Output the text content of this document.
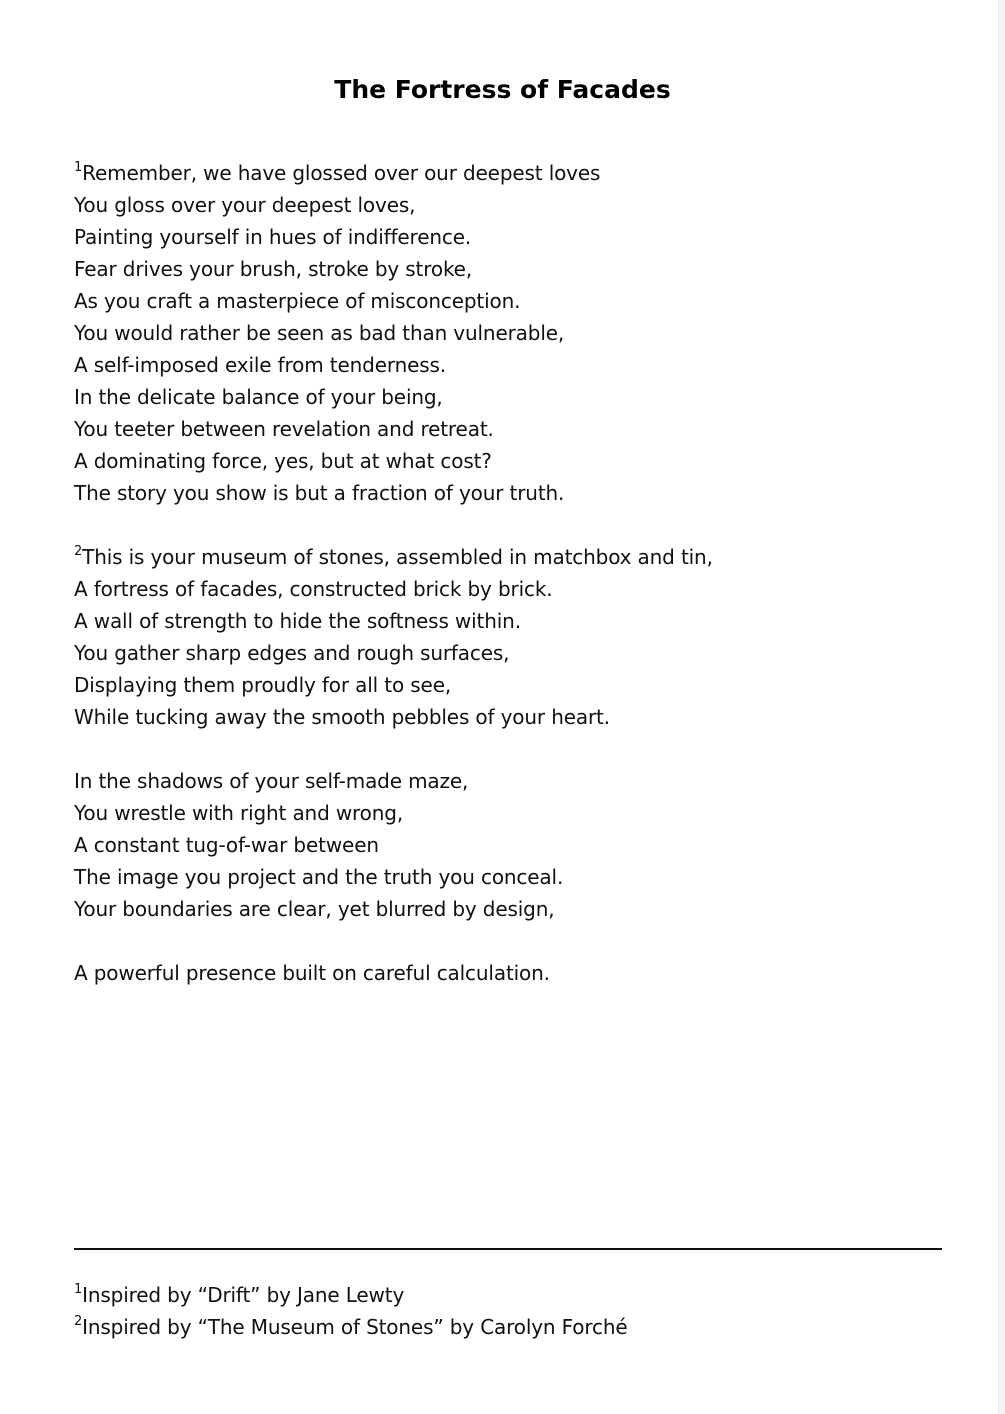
The Fortress of Facades
$^1$Remember, we have glossed over our deepest loves
You gloss over your deepest loves,
Painting yourself in hues of indifference.
Fear drives your brush, stroke by stroke,
As you craft a masterpiece of misconception.
You would rather be seen as bad than vulnerable,
A self-imposed exile from tenderness.
In the delicate balance of your being,
You teeter between revelation and retreat.
A dominating force, yes, but at what cost?
The story you show is but a fraction of your truth.
$^2$This is your museum of stones, assembled in matchbox and tin,
A fortress of facades, constructed brick by brick.
A wall of strength to hide the softness within.
You gather sharp edges and rough surfaces,
Displaying them proudly for all to see,
While tucking away the smooth pebbles of your heart.
In the shadows of your self-made maze,
You wrestle with right and wrong,
A constant tug-of-war between
The image you project and the truth you conceal.
Your boundaries are clear, yet blurred by design,
A powerful presence built on careful calculation.
$^1$Inspired by “Drift” by Jane Lewty
$^2$Inspired by “The Museum of Stones” by Carolyn Forché
